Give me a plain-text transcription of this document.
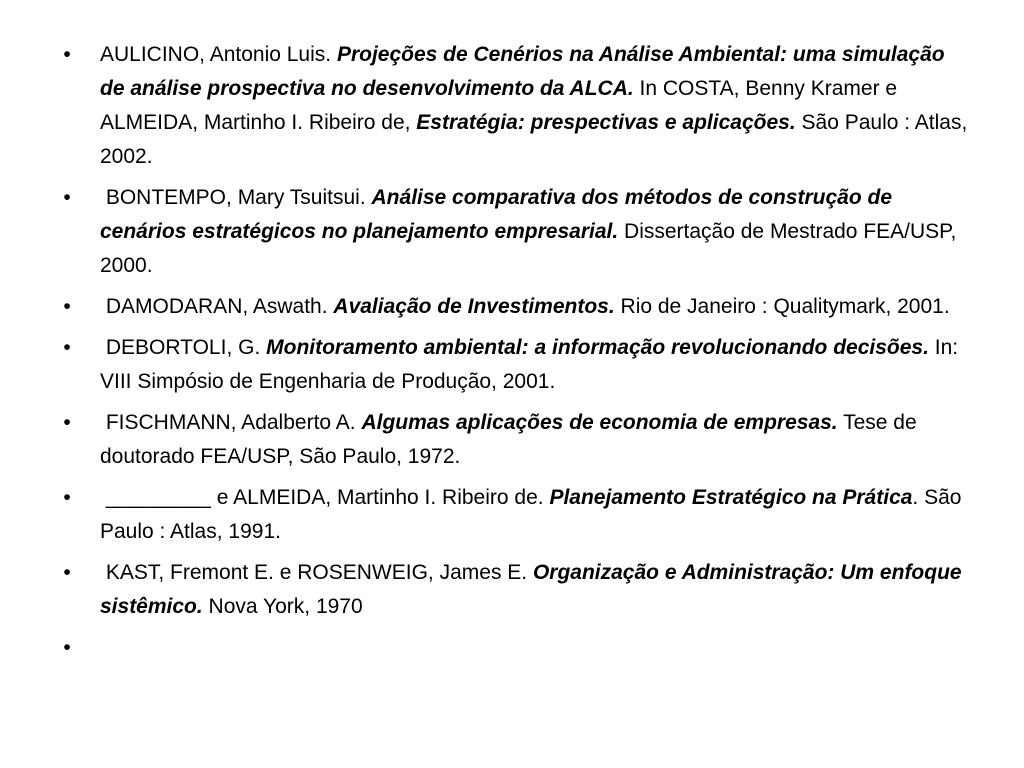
• AULICINO, Antonio Luis. Projeções de Cenérios na Análise Ambiental: uma simulação de análise prospectiva no desenvolvimento da ALCA. In COSTA, Benny Kramer e ALMEIDA, Martinho I. Ribeiro de, Estratégia: prespectivas e aplicações. São Paulo : Atlas, 2002.

• BONTEMPO, Mary Tsuitsui. Análise comparativa dos métodos de construção de cenários estratégicos no planejamento empresarial. Dissertação de Mestrado FEA/USP, 2000.

• DAMODARAN, Aswath. Avaliação de Investimentos. Rio de Janeiro : Qualitymark, 2001.

• DEBORTOLI, G. Monitoramento ambiental: a informação revolucionando decisões. In: VIII Simpósio de Engenharia de Produção, 2001.

• FISCHMANN, Adalberto A. Algumas aplicações de economia de empresas. Tese de doutorado FEA/USP, São Paulo, 1972.

• _________ e ALMEIDA, Martinho I. Ribeiro de. Planejamento Estratégico na Prática. São Paulo : Atlas, 1991.

• KAST, Fremont E. e ROSENWEIG, James E. Organização e Administração: Um enfoque sistêmico. Nova York, 1970

•
